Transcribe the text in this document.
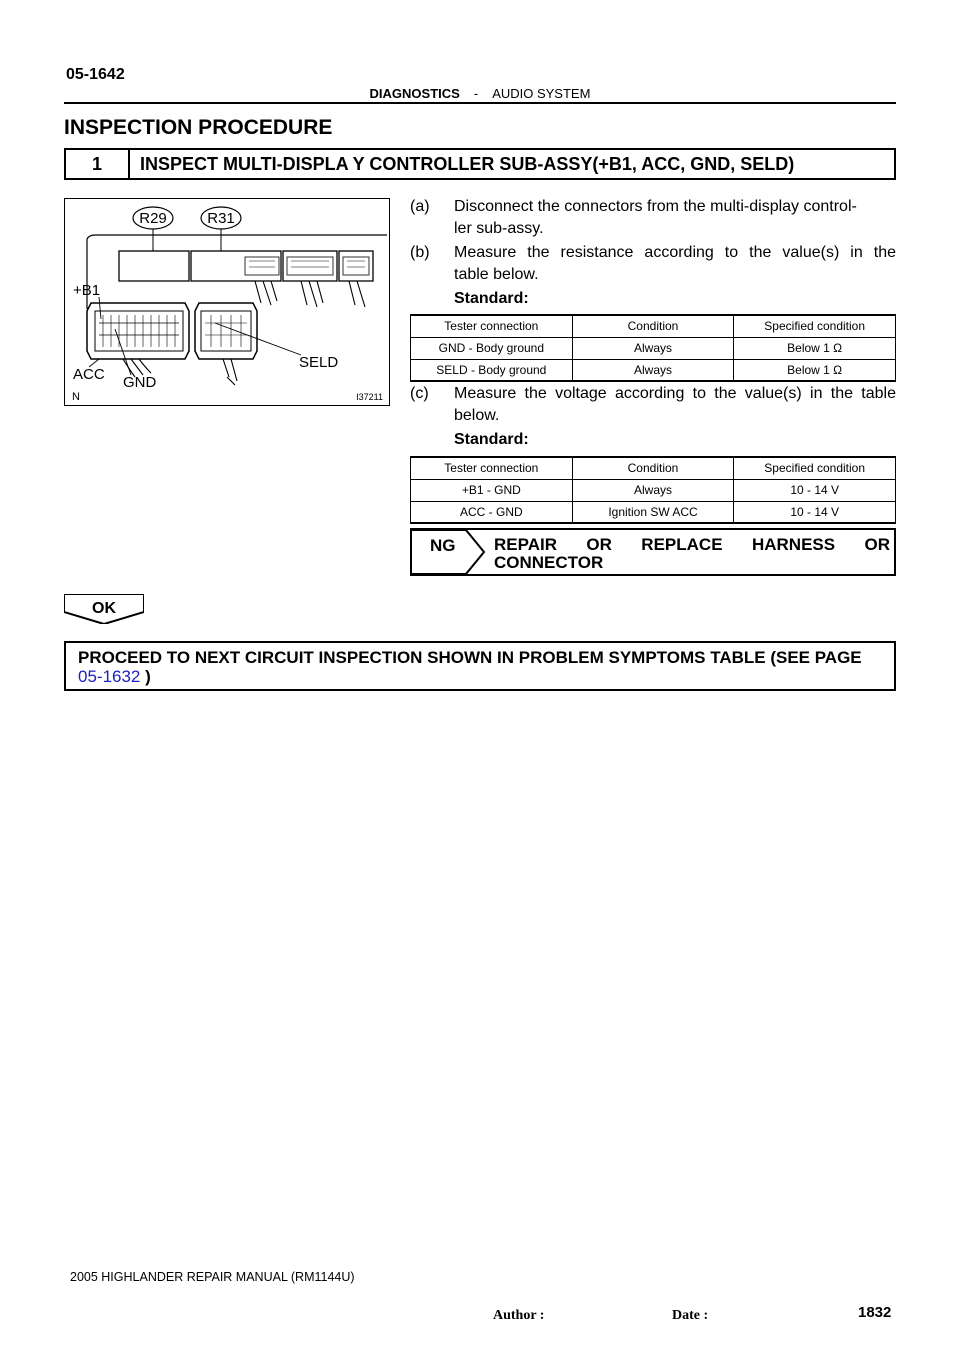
05-1642
DIAGNOSTICS - AUDIO SYSTEM
INSPECTION PROCEDURE
1	INSPECT MULTI-DISPLA Y CONTROLLER SUB-ASSY(+B1, ACC, GND, SELD)
R29	R31
+B1
ACC GND
SELD
N	I37211
(a) Disconnect the connectors from the multi-display control-
ler sub-assy.
(b) Measure the resistance according to the value(s) in the
table below.
Standard:
Tester connection	Condition	Specified condition
GND - Body ground	Always	Below 1 Ω
SELD - Body ground	Always	Below 1 Ω
(c) Measure the voltage according to the value(s) in the table
below.
Standard:
Tester connection	Condition	Specified condition
+B1 - GND	Always	10 - 14 V
ACC - GND	Ignition SW ACC	10 - 14 V
NG REPAIR OR REPLACE HARNESS OR
CONNECTOR
OK
PROCEED TO NEXT CIRCUIT INSPECTION SHOWN IN PROBLEM SYMPTOMS TABLE (SEE PAGE
05-1632 )
2005 HIGHLANDER REPAIR MANUAL (RM1144U)
Author :	Date :	1832
